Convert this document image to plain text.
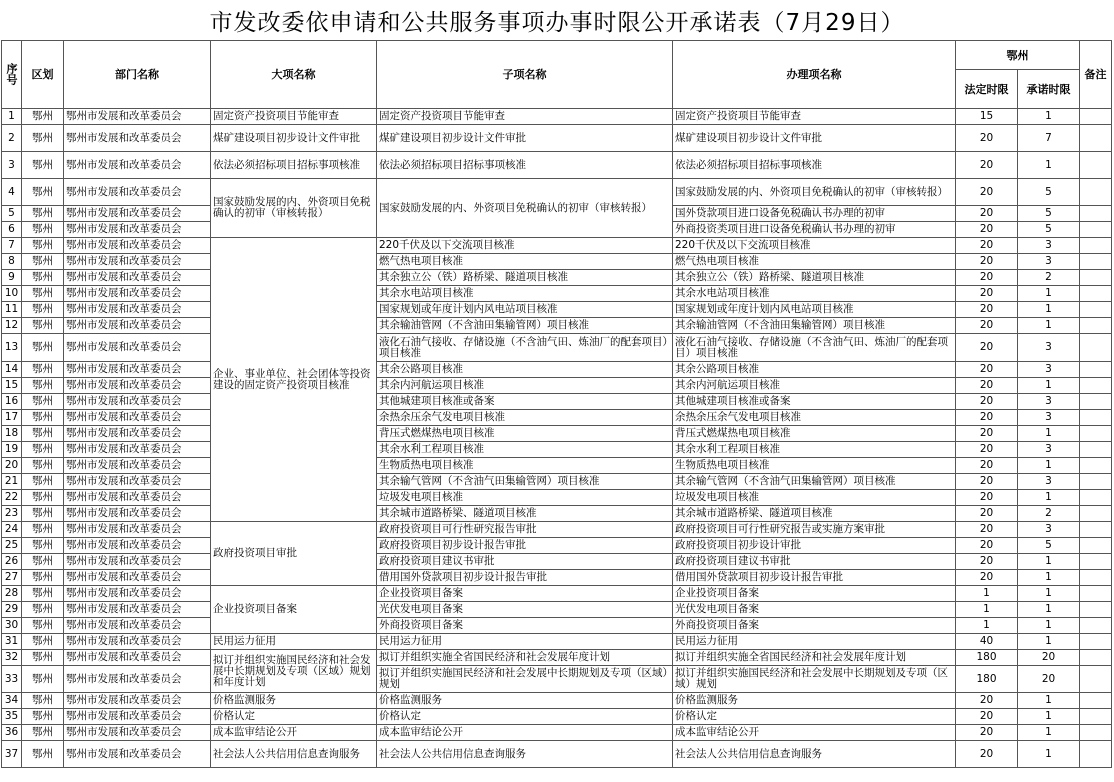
市发改委依申请和公共服务事项办事时限公开承诺表（7月29日）
序号	区划	部门名称	大项名称	子项名称	办理项名称	鄂州		备注
						法定时限	承诺时限	
1	鄂州	鄂州市发展和改革委员会	固定资产投资项目节能审查	固定资产投资项目节能审查	固定资产投资项目节能审查	15	1	
2	鄂州	鄂州市发展和改革委员会	煤矿建设项目初步设计文件审批	煤矿建设项目初步设计文件审批	煤矿建设项目初步设计文件审批	20	7	
3	鄂州	鄂州市发展和改革委员会	依法必须招标项目招标事项核准	依法必须招标项目招标事项核准	依法必须招标项目招标事项核准	20	1	
4	鄂州	鄂州市发展和改革委员会	国家鼓励发展的内、外资项目免税确认的初审（审核转报）	国家鼓励发展的内、外资项目免税确认的初审（审核转报）	国家鼓励发展的内、外资项目免税确认的初审（审核转报）	20	5	
5	鄂州	鄂州市发展和改革委员会			国外贷款项目进口设备免税确认书办理的初审	20	5	
6	鄂州	鄂州市发展和改革委员会			外商投资类项目进口设备免税确认书办理的初审	20	5	
7	鄂州	鄂州市发展和改革委员会	企业、事业单位、社会团体等投资建设的固定资产投资项目核准	220千伏及以下交流项目核准	220千伏及以下交流项目核准	20	3	
8	鄂州	鄂州市发展和改革委员会		燃气热电项目核准	燃气热电项目核准	20	3	
9	鄂州	鄂州市发展和改革委员会		其余独立公（铁）路桥梁、隧道项目核准	其余独立公（铁）路桥梁、隧道项目核准	20	2	
10	鄂州	鄂州市发展和改革委员会		其余水电站项目核准	其余水电站项目核准	20	1	
11	鄂州	鄂州市发展和改革委员会		国家规划或年度计划内风电站项目核准	国家规划或年度计划内风电站项目核准	20	1	
12	鄂州	鄂州市发展和改革委员会		其余输油管网（不含油田集输管网）项目核准	其余输油管网（不含油田集输管网）项目核准	20	1	
13	鄂州	鄂州市发展和改革委员会		液化石油气接收、存储设施（不含油气田、炼油厂的配套项目）项目核准	液化石油气接收、存储设施（不含油气田、炼油厂的配套项目）项目核准	20	3	
14	鄂州	鄂州市发展和改革委员会		其余公路项目核准	其余公路项目核准	20	3	
15	鄂州	鄂州市发展和改革委员会		其余内河航运项目核准	其余内河航运项目核准	20	1	
16	鄂州	鄂州市发展和改革委员会		其他城建项目核准或备案	其他城建项目核准或备案	20	3	
17	鄂州	鄂州市发展和改革委员会		余热余压余气发电项目核准	余热余压余气发电项目核准	20	3	
18	鄂州	鄂州市发展和改革委员会		背压式燃煤热电项目核准	背压式燃煤热电项目核准	20	1	
19	鄂州	鄂州市发展和改革委员会		其余水利工程项目核准	其余水利工程项目核准	20	3	
20	鄂州	鄂州市发展和改革委员会		生物质热电项目核准	生物质热电项目核准	20	1	
21	鄂州	鄂州市发展和改革委员会		其余输气管网（不含油气田集输管网）项目核准	其余输气管网（不含油气田集输管网）项目核准	20	3	
22	鄂州	鄂州市发展和改革委员会		垃圾发电项目核准	垃圾发电项目核准	20	1	
23	鄂州	鄂州市发展和改革委员会		其余城市道路桥梁、隧道项目核准	其余城市道路桥梁、隧道项目核准	20	2	
24	鄂州	鄂州市发展和改革委员会	政府投资项目审批	政府投资项目可行性研究报告审批	政府投资项目可行性研究报告或实施方案审批	20	3	
25	鄂州	鄂州市发展和改革委员会		政府投资项目初步设计报告审批	政府投资项目初步设计审批	20	5	
26	鄂州	鄂州市发展和改革委员会		政府投资项目建议书审批	政府投资项目建议书审批	20	1	
27	鄂州	鄂州市发展和改革委员会		借用国外贷款项目初步设计报告审批	借用国外贷款项目初步设计报告审批	20	1	
28	鄂州	鄂州市发展和改革委员会	企业投资项目备案	企业投资项目备案	企业投资项目备案	1	1	
29	鄂州	鄂州市发展和改革委员会		光伏发电项目备案	光伏发电项目备案	1	1	
30	鄂州	鄂州市发展和改革委员会		外商投资项目备案	外商投资项目备案	1	1	
31	鄂州	鄂州市发展和改革委员会	民用运力征用	民用运力征用	民用运力征用	40	1	
32	鄂州	鄂州市发展和改革委员会	拟订并组织实施国民经济和社会发展中长期规划及专项（区域）规划和年度计划	拟订并组织实施全省国民经济和社会发展年度计划	拟订并组织实施全省国民经济和社会发展年度计划	180	20	
33	鄂州	鄂州市发展和改革委员会		拟订并组织实施国民经济和社会发展中长期规划及专项（区域）规划	拟订并组织实施国民经济和社会发展中长期规划及专项（区域）规划	180	20	
34	鄂州	鄂州市发展和改革委员会	价格监测服务	价格监测服务	价格监测服务	20	1	
35	鄂州	鄂州市发展和改革委员会	价格认定	价格认定	价格认定	20	1	
36	鄂州	鄂州市发展和改革委员会	成本监审结论公开	成本监审结论公开	成本监审结论公开	20	1	
37	鄂州	鄂州市发展和改革委员会	社会法人公共信用信息查询服务	社会法人公共信用信息查询服务	社会法人公共信用信息查询服务	20	1	
